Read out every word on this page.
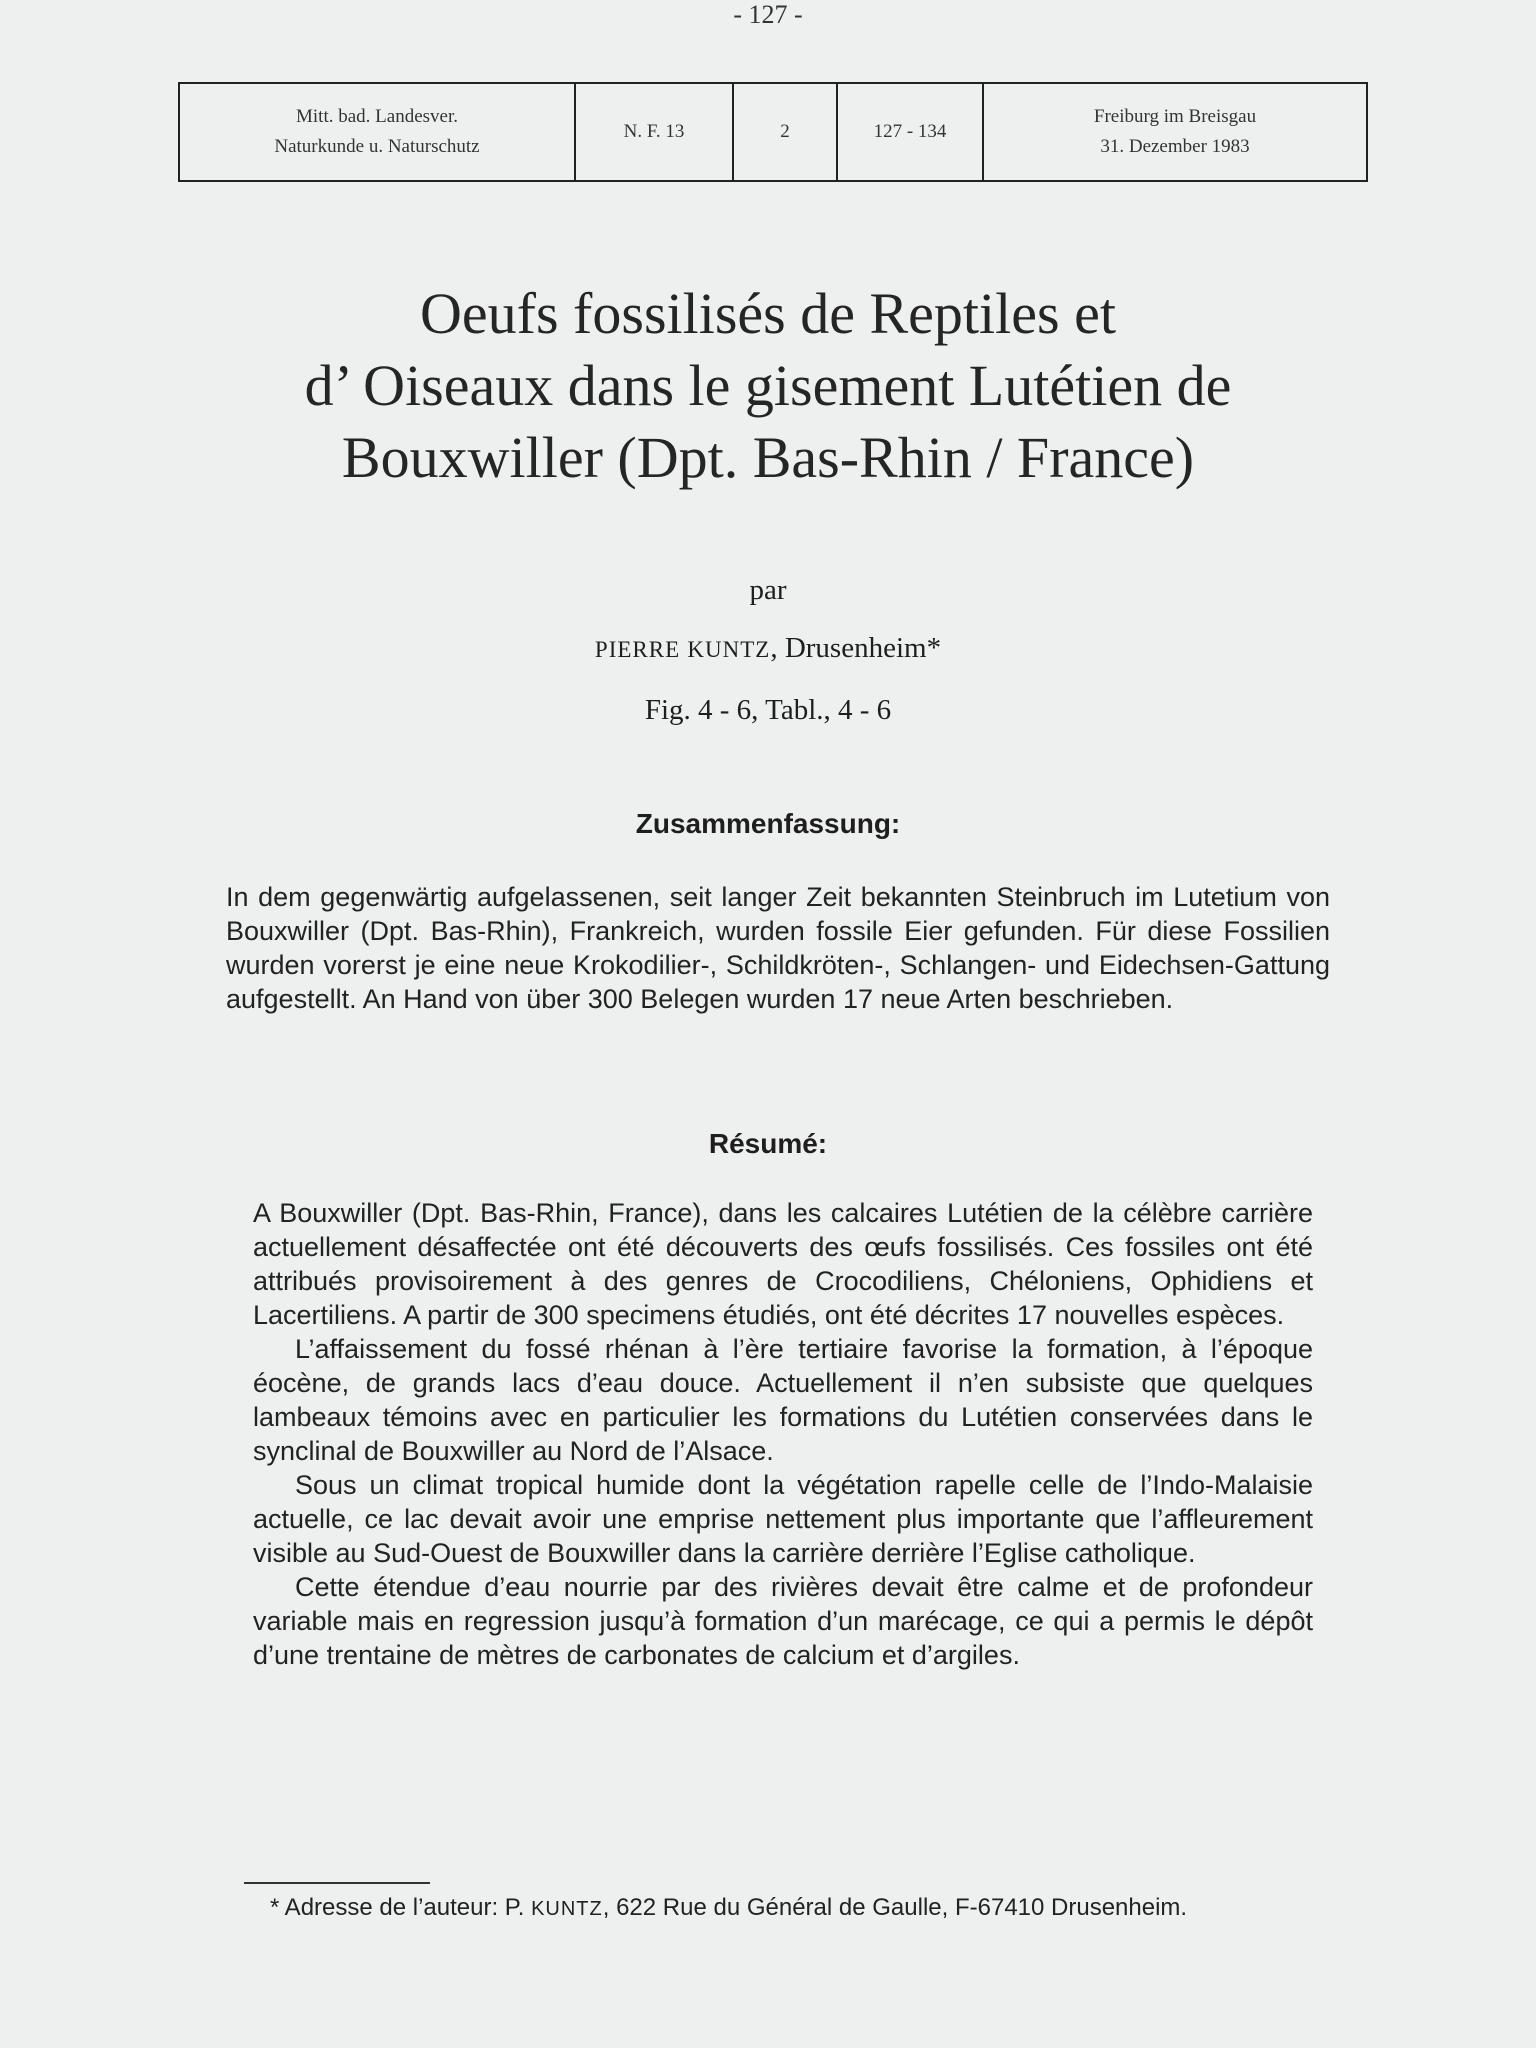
- 127 -
Mitt. bad. Landesver.
Naturkunde u. Naturschutz
N. F. 13	2	127 - 134
Freiburg im Breisgau
31. Dezember 1983
Oeufs fossilisés de Reptiles et
d’ Oiseaux dans le gisement Lutétien de
Bouxwiller (Dpt. Bas-Rhin / France)
par
PIERRE KUNTZ, Drusenheim*
Fig. 4 - 6, Tabl., 4 - 6
Zusammenfassung:
In dem gegenwärtig aufgelassenen, seit langer Zeit bekannten Steinbruch im Lutetium von Bouxwiller (Dpt. Bas-Rhin), Frankreich, wurden fossile Eier gefunden. Für diese Fossilien wurden vorerst je eine neue Krokodilier-, Schildkröten-, Schlangen- und Eidechsen-Gattung aufgestellt. An Hand von über 300 Belegen wurden 17 neue Arten beschrieben.
Résumé:

A Bouxwiller (Dpt. Bas-Rhin, France), dans les calcaires Lutétien de la célèbre carrière actuellement désaffectée ont été découverts des œufs fossilisés. Ces fossiles ont été attribués provisoirement à des genres de Crocodiliens, Chéloniens, Ophidiens et Lacertiliens. A partir de 300 specimens étudiés, ont été décrites 17 nouvelles espèces.

L’affaissement du fossé rhénan à l’ère tertiaire favorise la formation, à l’époque éocène, de grands lacs d’eau douce. Actuellement il n’en subsiste que quelques lambeaux témoins avec en particulier les formations du Lutétien conservées dans le synclinal de Bouxwiller au Nord de l’Alsace.

Sous un climat tropical humide dont la végétation rapelle celle de l’Indo-Malaisie actuelle, ce lac devait avoir une emprise nettement plus importante que l’affleurement visible au Sud-Ouest de Bouxwiller dans la carrière derrière l’Eglise catholique.

Cette étendue d’eau nourrie par des rivières devait être calme et de profondeur variable mais en regression jusqu’à formation d’un marécage, ce qui a permis le dépôt d’une trentaine de mètres de carbonates de calcium et d’argiles.

* Adresse de l’auteur: P. KUNTZ, 622 Rue du Général de Gaulle, F-67410 Drusenheim.
